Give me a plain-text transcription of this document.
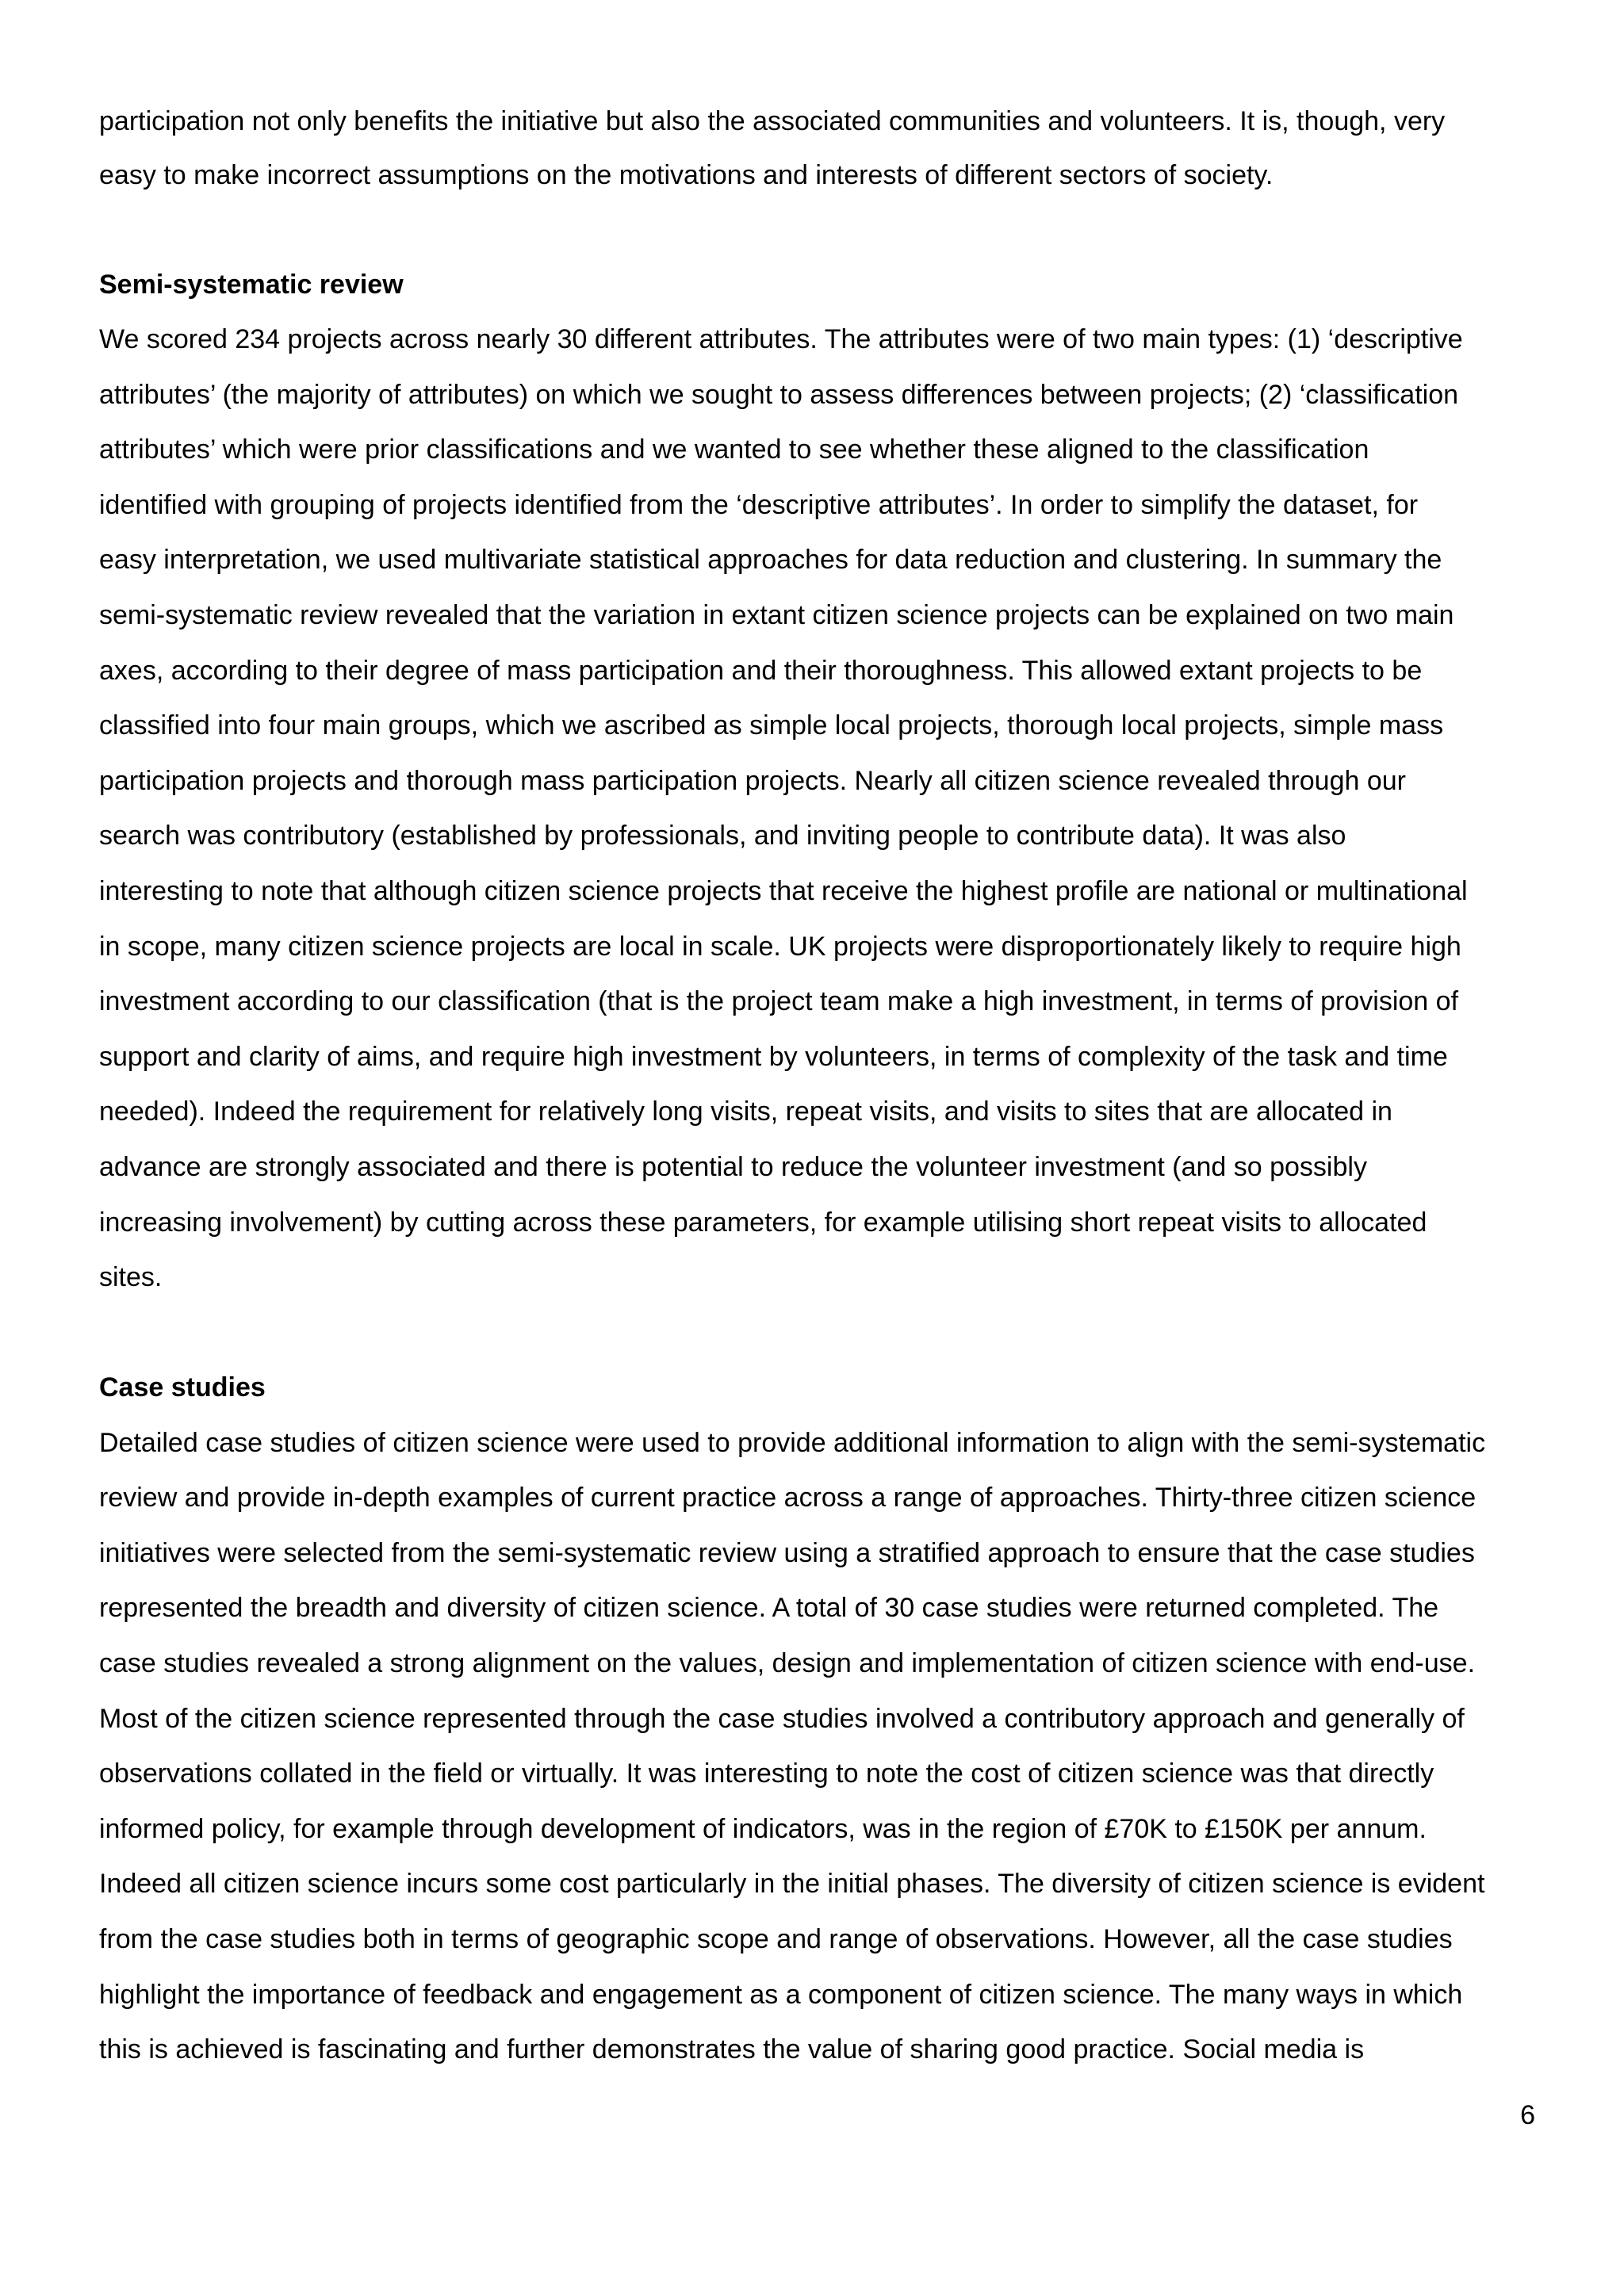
participation not only benefits the initiative but also the associated communities and volunteers. It is, though, very
easy to make incorrect assumptions on the motivations and interests of different sectors of society.
Semi-systematic review
We scored 234 projects across nearly 30 different attributes. The attributes were of two main types: (1) ‘descriptive
attributes’ (the majority of attributes) on which we sought to assess differences between projects; (2) ‘classification
attributes’ which were prior classifications and we wanted to see whether these aligned to the classification
identified with grouping of projects identified from the ‘descriptive attributes’. In order to simplify the dataset, for
easy interpretation, we used multivariate statistical approaches for data reduction and clustering. In summary the
semi-systematic review revealed that the variation in extant citizen science projects can be explained on two main
axes, according to their degree of mass participation and their thoroughness. This allowed extant projects to be
classified into four main groups, which we ascribed as simple local projects, thorough local projects, simple mass
participation projects and thorough mass participation projects. Nearly all citizen science revealed through our
search was contributory (established by professionals, and inviting people to contribute data). It was also
interesting to note that although citizen science projects that receive the highest profile are national or multinational
in scope, many citizen science projects are local in scale. UK projects were disproportionately likely to require high
investment according to our classification (that is the project team make a high investment, in terms of provision of
support and clarity of aims, and require high investment by volunteers, in terms of complexity of the task and time
needed). Indeed the requirement for relatively long visits, repeat visits, and visits to sites that are allocated in
advance are strongly associated and there is potential to reduce the volunteer investment (and so possibly
increasing involvement) by cutting across these parameters, for example utilising short repeat visits to allocated
sites.
Case studies
Detailed case studies of citizen science were used to provide additional information to align with the semi-systematic
review and provide in-depth examples of current practice across a range of approaches. Thirty-three citizen science
initiatives were selected from the semi-systematic review using a stratified approach to ensure that the case studies
represented the breadth and diversity of citizen science. A total of 30 case studies were returned completed. The
case studies revealed a strong alignment on the values, design and implementation of citizen science with end-use.
Most of the citizen science represented through the case studies involved a contributory approach and generally of
observations collated in the field or virtually. It was interesting to note the cost of citizen science was that directly
informed policy, for example through development of indicators, was in the region of £70K to £150K per annum.
Indeed all citizen science incurs some cost particularly in the initial phases. The diversity of citizen science is evident
from the case studies both in terms of geographic scope and range of observations. However, all the case studies
highlight the importance of feedback and engagement as a component of citizen science. The many ways in which
this is achieved is fascinating and further demonstrates the value of sharing good practice. Social media is
6
